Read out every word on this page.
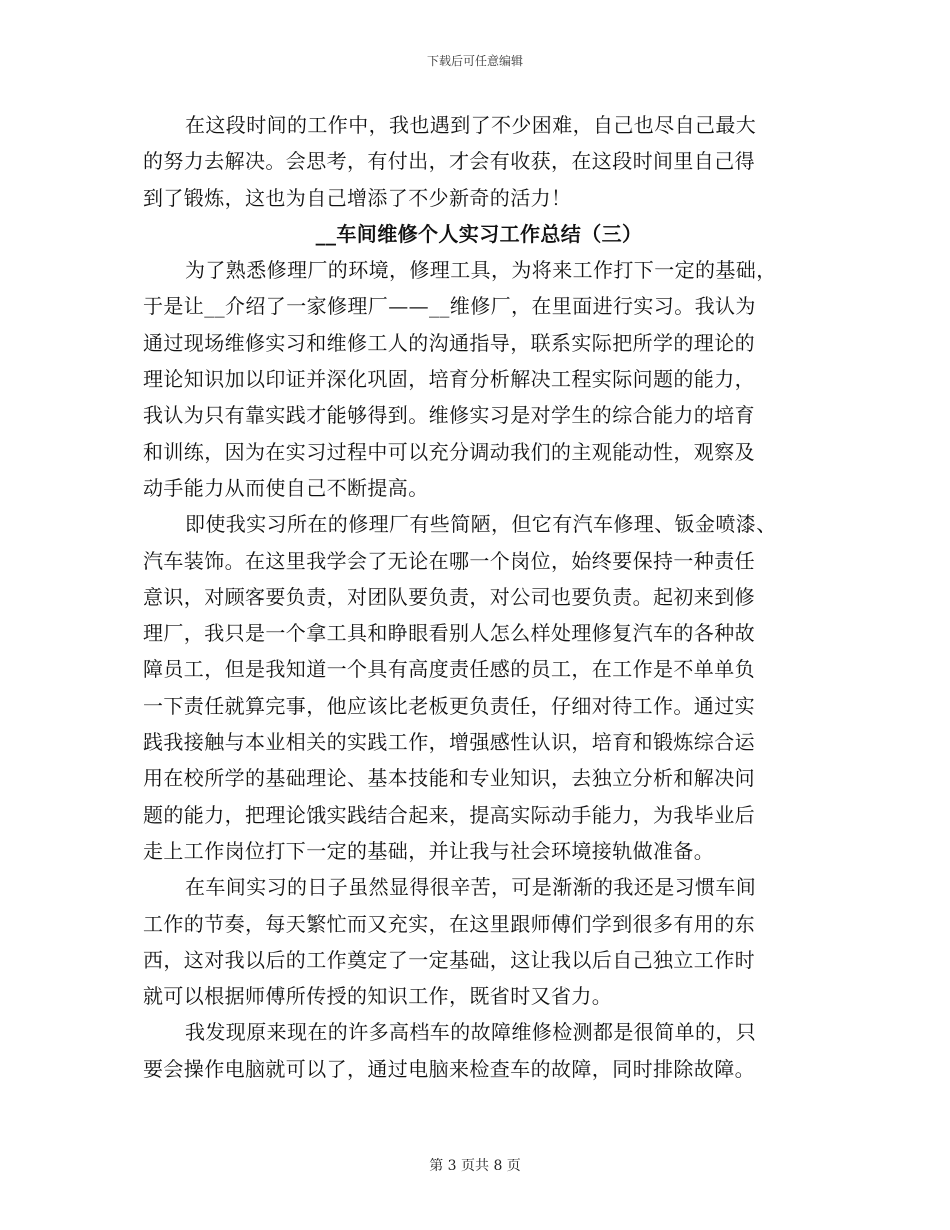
下载后可任意编辑
在这段时间的工作中，我也遇到了不少困难，自己也尽自己最大
的努力去解决。会思考，有付出，才会有收获，在这段时间里自己得
到了锻炼，这也为自己增添了不少新奇的活力！
__车间维修个人实习工作总结（三）
为了熟悉修理厂的环境，修理工具，为将来工作打下一定的基础，
于是让__介绍了一家修理厂——__维修厂，在里面进行实习。我认为
通过现场维修实习和维修工人的沟通指导，联系实际把所学的理论的
理论知识加以印证并深化巩固，培育分析解决工程实际问题的能力，
我认为只有靠实践才能够得到。维修实习是对学生的综合能力的培育
和训练，因为在实习过程中可以充分调动我们的主观能动性，观察及
动手能力从而使自己不断提高。
即使我实习所在的修理厂有些简陋，但它有汽车修理、钣金喷漆、
汽车装饰。在这里我学会了无论在哪一个岗位，始终要保持一种责任
意识，对顾客要负责，对团队要负责，对公司也要负责。起初来到修
理厂，我只是一个拿工具和睁眼看别人怎么样处理修复汽车的各种故
障员工，但是我知道一个具有高度责任感的员工，在工作是不单单负
一下责任就算完事，他应该比老板更负责任，仔细对待工作。通过实
践我接触与本业相关的实践工作，增强感性认识，培育和锻炼综合运
用在校所学的基础理论、基本技能和专业知识，去独立分析和解决问
题的能力，把理论饿实践结合起来，提高实际动手能力，为我毕业后
走上工作岗位打下一定的基础，并让我与社会环境接轨做准备。
在车间实习的日子虽然显得很辛苦，可是渐渐的我还是习惯车间
工作的节奏，每天繁忙而又充实，在这里跟师傅们学到很多有用的东
西，这对我以后的工作奠定了一定基础，这让我以后自己独立工作时
就可以根据师傅所传授的知识工作，既省时又省力。
我发现原来现在的许多高档车的故障维修检测都是很简单的，只
要会操作电脑就可以了，通过电脑来检查车的故障，同时排除故障。
第 3 页共 8 页
